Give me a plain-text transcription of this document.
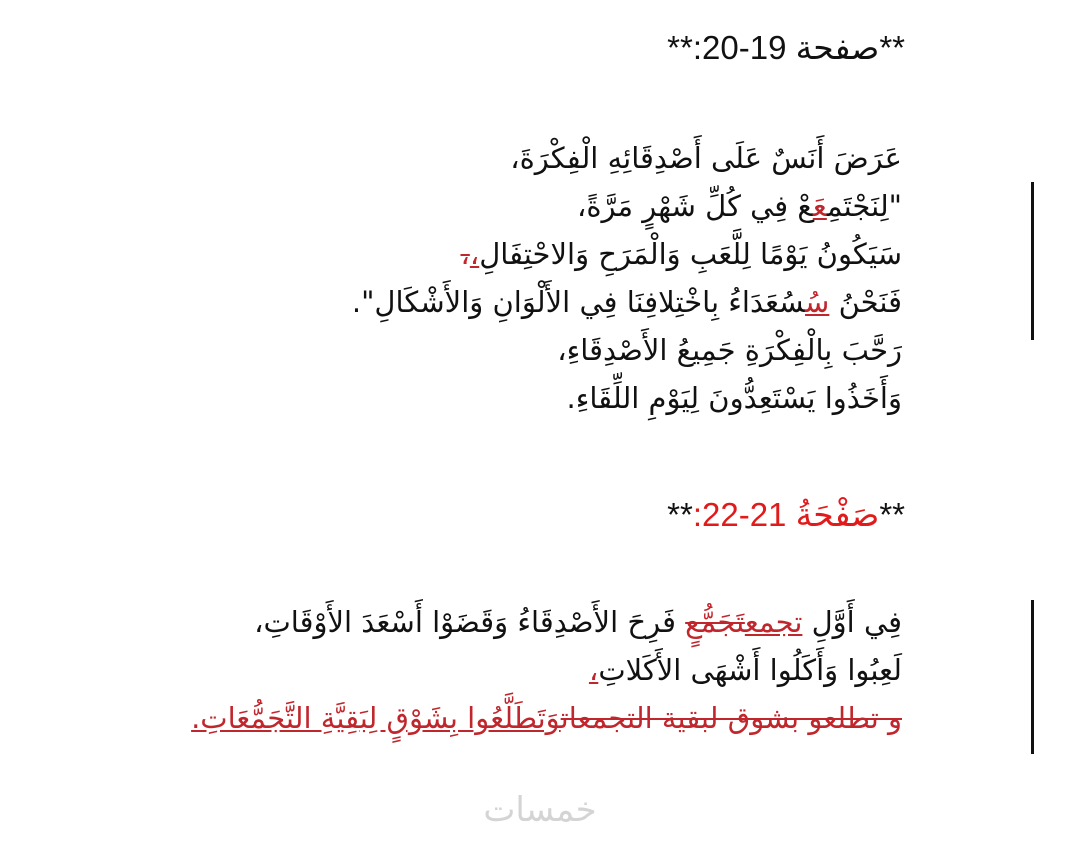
**صفحة 19-20:**
عَرَضَ أَنَسٌ عَلَى أَصْدِقَائِهِ الْفِكْرَةَ،
"لِنَجْتَمِعَعْ فِي كُلِّ شَهْرٍ مَرَّةً،
سَيَكُونُ يَوْمًا لِلَّعَبِ وَالْمَرَحِ وَالاحْتِفَالِ،،
فَنَحْنُ سُسُعَدَاءُ بِاخْتِلافِنَا فِي الأَلْوَانِ وَالأَشْكَالِ".
رَحَّبَ بِالْفِكْرَةِ جَمِيعُ الأَصْدِقَاءِ،
وَأَخَذُوا يَسْتَعِدُّونَ لِيَوْمِ اللِّقَاءِ.
**صَفْحَةُ 21-22:**
فِي أَوَّلِ تجمعتَجَمُّعٍ فَرِحَ الأَصْدِقَاءُ وَقَضَوْا أَسْعَدَ الأَوْقَاتِ،
لَعِبُوا وَأَكَلُوا أَشْهَى الأَكَلاتِ،
و تطلعو بشوق لبقية التجمعاتوَتَطَلَّعُوا بِشَوْقٍ لِبَقِيَّةِ التَّجَمُّعَاتِ.
خمسات
